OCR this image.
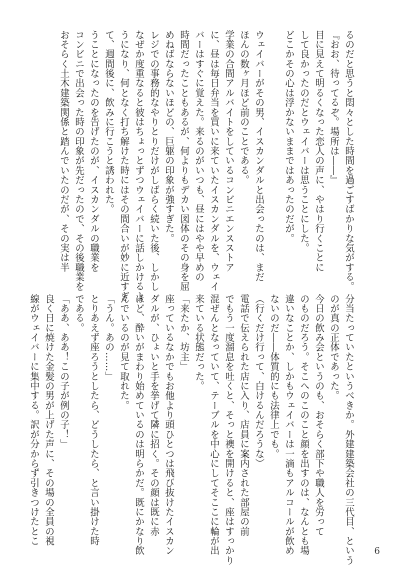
るのだと思うと悶々とした時間を過ごすばかりな気がする。
『おお、待ってるぞ。場所は――』
目に見えて明るくなった恋人の声に、やはり行くことに
して良かったのだとウェイバーは思うことにした。
どこかその心は浮かないままではあったのだが。

ウェイバーがその男、イスカンダルと出会ったのは、まだ
ほんの数ヶ月ほど前のことである。
学業の合間アルバイトをしているコンビニエンスストア
に、昼は毎日弁当を買いに来ていたイスカンダルを、ウェイ
バーはすぐに覚えた。来るのがいつも、昼にはやや早めの
時間だったこともあるが、何よりもデカい図体のその身を屈
めねばならないほどの、巨躯の印象が強すぎた。
レジでの事務的なやりとりだけがしばらく続いた後、しかし
なぜか度重なると彼はちょっとずつウェイバーに話しかけるよ
うになり、何となく打ち解けた時にはその間合いが妙に近すぎ
て、週間後に、飲みに行こうと誘われた。
うことになったのを告げたのが、イスカンダルの職業を
コンビニで出会った時の印象が先だったので、その後職業を
おそらく土木建築関係と踏んでいたのだが、その実は半
分当たっていたというべきか。外建建築会社の三代目、という
のが真の正体であった。
今日の飲み会というのも、おそらく部下や職人を労って
のものだろう。そこへのこのこと顔を出すのは、なんとも場
違いなことか、しかもウェイバーは一滴もアルコールが飲め
ないのだ――体質的にも法律上でも。
（行くだけ行って、白けるんだろうな）
電話で伝えられた店に入り、店員に案内された部屋の前
でもう一度溜息を吐くと、そっと襖を開けると、座はすっかり
混ぜんとなっていて、テーブルを中心にしてそここに輪が出
来ている状態だった。
「来たか、坊主」
座っているなかでもお他より頭ひとつは飛び抜けたイスカン
ダルが、ひょいと手を挙げて隣に招く。その顔は既に赤
ほど、酔いがまわり始めているのは明らかだ。既にかなり飲
んでいるのが見て取れた。
「うん。あの……」
とりあえず座ろうとしたら、どうしたら、と言い掛けた時
である。
「ああ、ああ！この子が例の子！」
良く日に焼けた金髪の男が上げた声に、その場の全員の視
線がウェイバーに集中する。訳が分からず引きつけたとこ
6
